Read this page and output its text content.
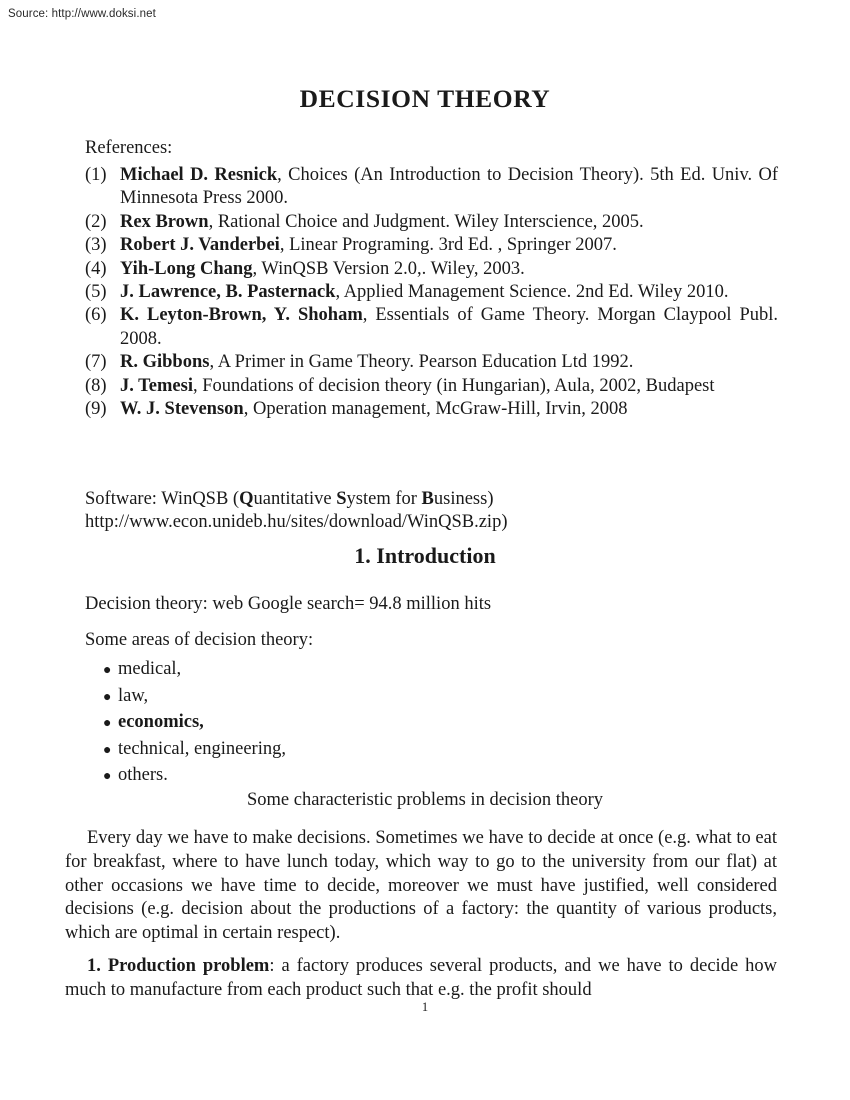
Source: http://www.doksi.net
DECISION THEORY
References:
(1) Michael D. Resnick, Choices (An Introduction to Decision Theory). 5th Ed. Univ. Of Minnesota Press 2000.
(2) Rex Brown, Rational Choice and Judgment. Wiley Interscience, 2005.
(3) Robert J. Vanderbei, Linear Programing. 3rd Ed. , Springer 2007.
(4) Yih-Long Chang, WinQSB Version 2.0,. Wiley, 2003.
(5) J. Lawrence, B. Pasternack, Applied Management Science. 2nd Ed. Wiley 2010.
(6) K. Leyton-Brown, Y. Shoham, Essentials of Game Theory. Morgan Claypool Publ. 2008.
(7) R. Gibbons, A Primer in Game Theory. Pearson Education Ltd 1992.
(8) J. Temesi, Foundations of decision theory (in Hungarian), Aula, 2002, Budapest
(9) W. J. Stevenson, Operation management, McGraw-Hill, Irvin, 2008
Software: WinQSB (Quantitative System for Business)
http://www.econ.unideb.hu/sites/download/WinQSB.zip)
1. Introduction
Decision theory: web Google search= 94.8 million hits
Some areas of decision theory:
● medical,
● law,
● economics,
● technical, engineering,
● others.
Some characteristic problems in decision theory
Every day we have to make decisions. Sometimes we have to decide at once (e.g. what to eat for breakfast, where to have lunch today, which way to go to the university from our flat) at other occasions we have time to decide, moreover we must have justified, well considered decisions (e.g. decision about the productions of a factory: the quantity of various products, which are optimal in certain respect).
1. Production problem: a factory produces several products, and we have to decide how much to manufacture from each product such that e.g. the profit should
1
